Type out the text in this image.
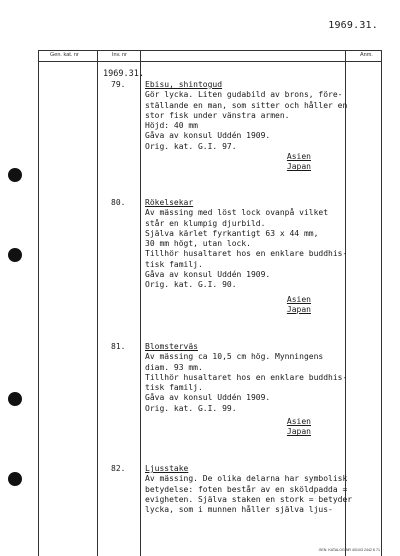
1969.31.
Gen. kat. nr	Inv. nr	Anm.
1969.31.
79. Ebisu, shintogud
Gör lycka. Liten gudabild av brons, före-
ställande en man, som sitter och håller en
stor fisk under vänstra armen.
Höjd: 40 mm
Gåva av konsul Uddén 1909.
Orig. kat. G.I. 97.
Asien
Japan
80. Rökelsekar
Av mässing med löst lock ovanpå vilket
står en klumpig djurbild.
Själva kärlet fyrkantigt 63 x 44 mm,
30 mm högt, utan lock.
Tillhör husaltaret hos en enklare buddhis-
tisk familj.
Gåva av konsul Uddén 1909.
Orig. kat. G.I. 90.
Asien
Japan
81. Blomsterväs
Av mässing ca 10,5 cm hög. Mynningens
diam. 93 mm.
Tillhör husaltaret hos en enklare buddhis-
tisk familj.
Gåva av konsul Uddén 1909.
Orig. kat. G.I. 99.
Asien
Japan
82. Ljusstake
Av mässing. De olika delarna har symbolisk
betydelse: foten består av en sköldpadda =
evigheten. Själva staken en stork = betyder
lycka, som i munnen håller själva ljus-
GEN. KATALOG NR 4/0103 2442 6 71
